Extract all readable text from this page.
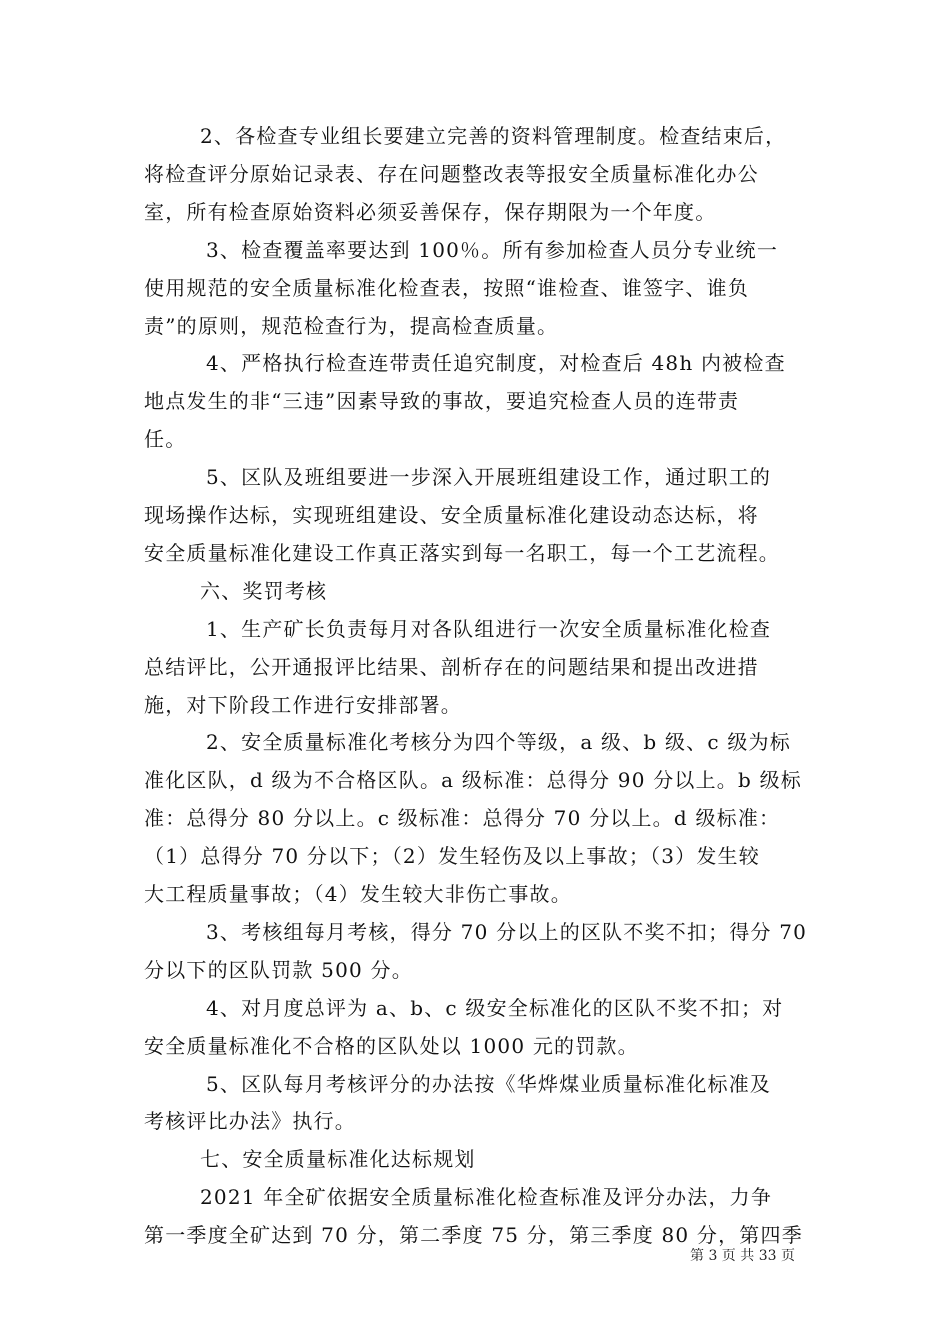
2、各检查专业组长要建立完善的资料管理制度。检查结束后，
将检查评分原始记录表、存在问题整改表等报安全质量标准化办公
室，所有检查原始资料必须妥善保存，保存期限为一个年度。
3、检查覆盖率要达到 100％。所有参加检查人员分专业统一
使用规范的安全质量标准化检查表，按照“谁检查、谁签字、谁负
责”的原则，规范检查行为，提高检查质量。
4、严格执行检查连带责任追究制度，对检查后 48h 内被检查
地点发生的非“三违”因素导致的事故，要追究检查人员的连带责
任。
5、区队及班组要进一步深入开展班组建设工作，通过职工的
现场操作达标，实现班组建设、安全质量标准化建设动态达标，将
安全质量标准化建设工作真正落实到每一名职工，每一个工艺流程。
六、奖罚考核
1、生产矿长负责每月对各队组进行一次安全质量标准化检查
总结评比，公开通报评比结果、剖析存在的问题结果和提出改进措
施，对下阶段工作进行安排部署。
2、安全质量标准化考核分为四个等级，a 级、b 级、c 级为标
准化区队，d 级为不合格区队。a 级标准：总得分 90 分以上。b 级标
准：总得分 80 分以上。c 级标准：总得分 70 分以上。d 级标准：
（1）总得分 70 分以下；（2）发生轻伤及以上事故；（3）发生较
大工程质量事故；（4）发生较大非伤亡事故。
3、考核组每月考核，得分 70 分以上的区队不奖不扣；得分 70
分以下的区队罚款 500 分。
4、对月度总评为 a、b、c 级安全标准化的区队不奖不扣；对
安全质量标准化不合格的区队处以 1000 元的罚款。
5、区队每月考核评分的办法按《华烨煤业质量标准化标准及
考核评比办法》执行。
七、安全质量标准化达标规划
2021 年全矿依据安全质量标准化检查标准及评分办法，力争
第一季度全矿达到 70 分，第二季度 75 分，第三季度 80 分，第四季
第 3 页 共 33 页
